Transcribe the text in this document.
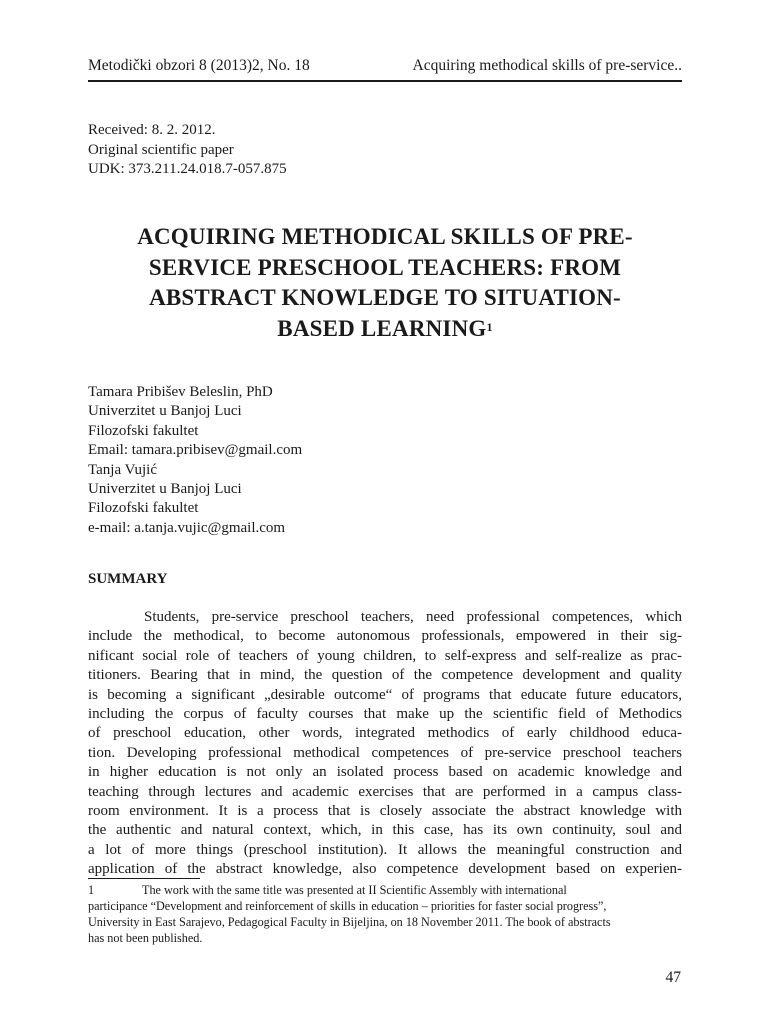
Metodički obzori 8 (2013)2, No. 18	Acquiring methodical skills of pre-service..
Received: 8. 2. 2012.
Original scientific paper
UDK: 373.211.24.018.7-057.875
ACQUIRING METHODICAL SKILLS OF PRE-
SERVICE PRESCHOOL TEACHERS: FROM
ABSTRACT KNOWLEDGE TO SITUATION-
BASED LEARNING$^1$
Tamara Pribišev Beleslin, PhD
Univerzitet u Banjoj Luci
Filozofski fakultet
Email: tamara.pribisev@gmail.com
Tanja Vujić
Univerzitet u Banjoj Luci
Filozofski fakultet
e-mail: a.tanja.vujic@gmail.com
SUMMARY
Students, pre-service preschool teachers, need professional competences, which
include the methodical, to become autonomous professionals, empowered in their sig-
nificant social role of teachers of young children, to self-express and self-realize as prac-
titioners. Bearing that in mind, the question of the competence development and quality
is becoming a significant „desirable outcome“ of programs that educate future educators,
including the corpus of faculty courses that make up the scientific field of Methodics
of preschool education, other words, integrated methodics of early childhood educa-
tion. Developing professional methodical competences of pre-service preschool teachers
in higher education is not only an isolated process based on academic knowledge and
teaching through lectures and academic exercises that are performed in a campus class-
room environment. It is a process that is closely associate the abstract knowledge with
the authentic and natural context, which, in this case, has its own continuity, soul and
a lot of more things (preschool institution). It allows the meaningful construction and
application of the abstract knowledge, also competence development based on experien-
1	The work with the same title was presented at II Scientific Assembly with international
participance “Development and reinforcement of skills in education – priorities for faster social progress”,
University in East Sarajevo, Pedagogical Faculty in Bijeljina, on 18 November 2011. The book of abstracts
has not been published.
47
